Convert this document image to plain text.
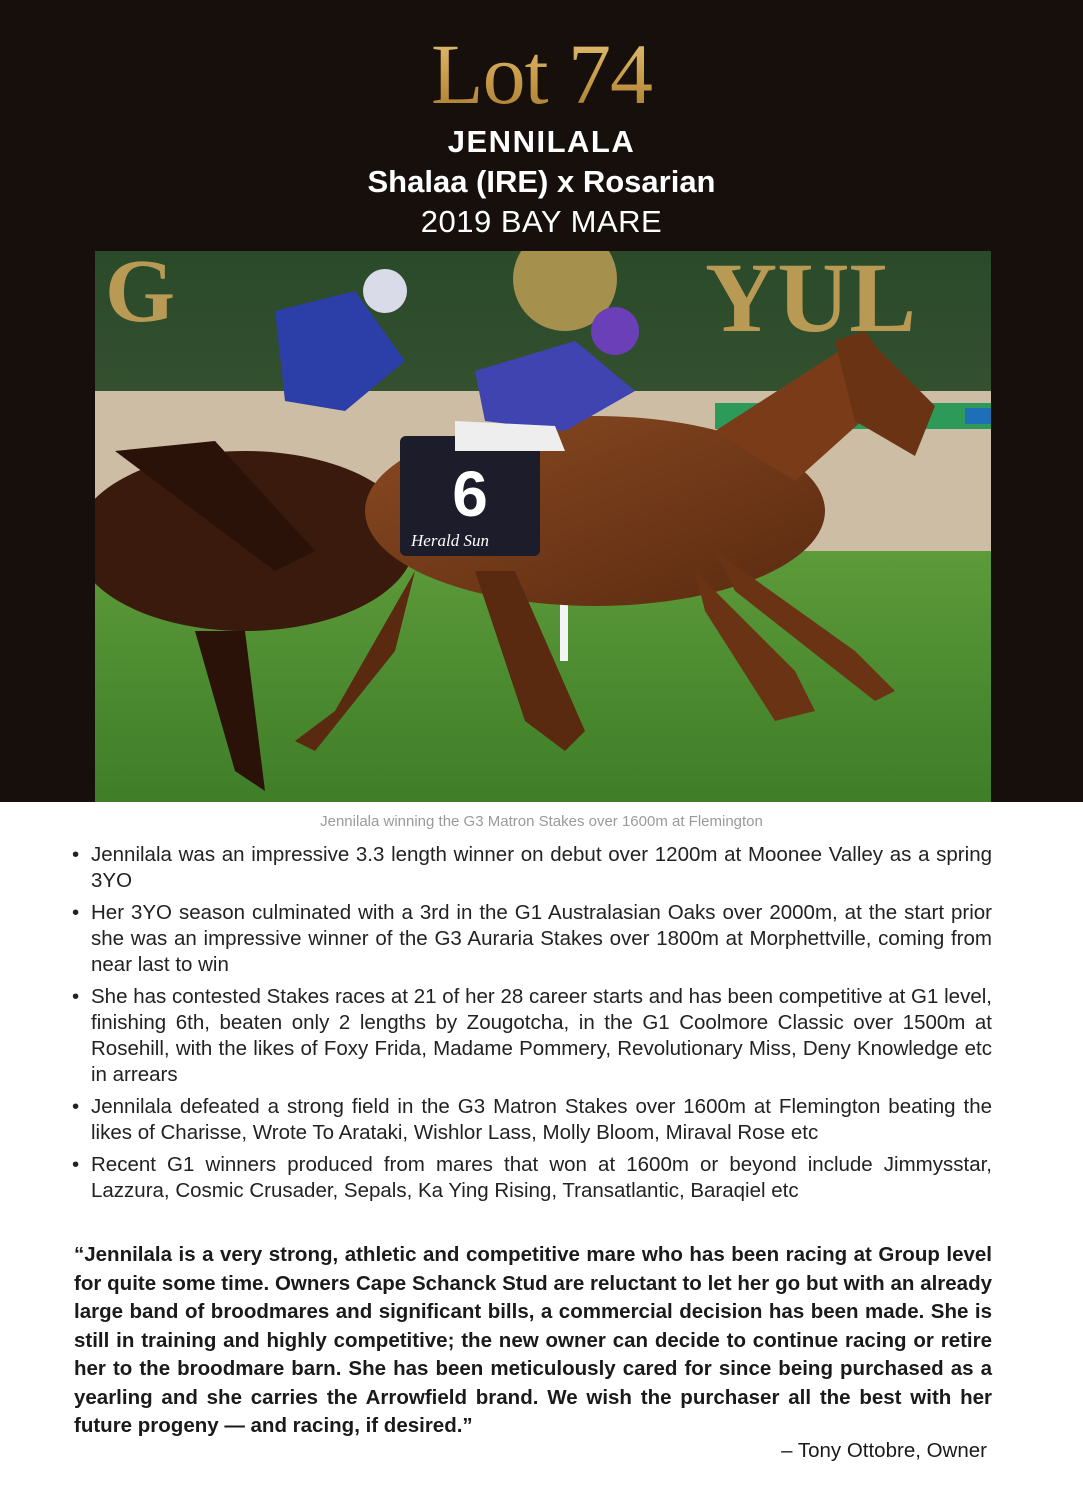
Lot 74
JENNILALA
Shalaa (IRE) x Rosarian
2019 BAY MARE
G	YUL
6
Herald Sun
Jennilala winning the G3 Matron Stakes over 1600m at Flemington
• Jennilala was an impressive 3.3 length winner on debut over 1200m at Moonee Valley as a spring 3YO
• Her 3YO season culminated with a 3rd in the G1 Australasian Oaks over 2000m, at the start prior she was an impressive winner of the G3 Auraria Stakes over 1800m at Morphettville, coming from near last to win
• She has contested Stakes races at 21 of her 28 career starts and has been competitive at G1 level, finishing 6th, beaten only 2 lengths by Zougotcha, in the G1 Coolmore Classic over 1500m at Rosehill, with the likes of Foxy Frida, Madame Pommery, Revolutionary Miss, Deny Knowledge etc in arrears
• Jennilala defeated a strong field in the G3 Matron Stakes over 1600m at Flemington beating the likes of Charisse, Wrote To Arataki, Wishlor Lass, Molly Bloom, Miraval Rose etc
• Recent G1 winners produced from mares that won at 1600m or beyond include Jimmysstar, Lazzura, Cosmic Crusader, Sepals, Ka Ying Rising, Transatlantic, Baraqiel etc
“Jennilala is a very strong, athletic and competitive mare who has been racing at Group level for quite some time. Owners Cape Schanck Stud are reluctant to let her go but with an already large band of broodmares and significant bills, a commercial decision has been made. She is still in training and highly competitive; the new owner can decide to continue racing or retire her to the broodmare barn. She has been meticulously cared for since being purchased as a yearling and she carries the Arrowfield brand. We wish the purchaser all the best with her future progeny — and racing, if desired.”
– Tony Ottobre, Owner
